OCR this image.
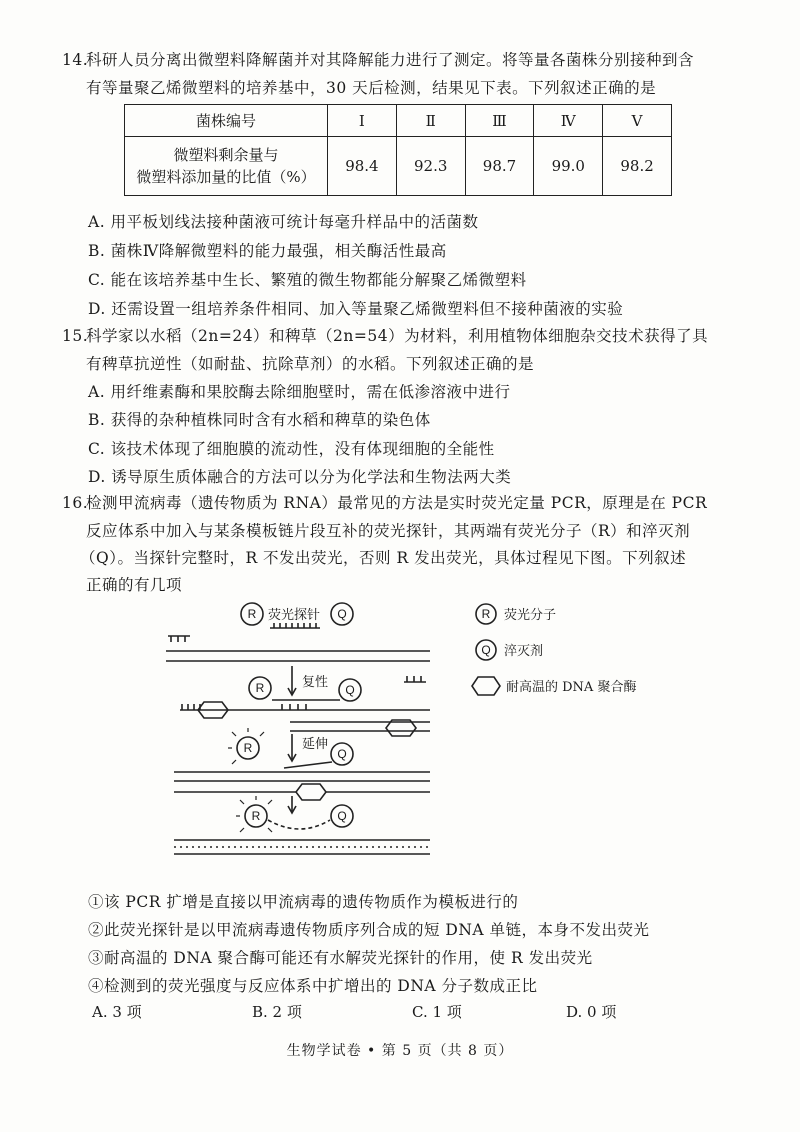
14.科研人员分离出微塑料降解菌并对其降解能力进行了测定。将等量各菌株分别接种到含
有等量聚乙烯微塑料的培养基中，30 天后检测，结果见下表。下列叙述正确的是
菌株编号	Ⅰ	Ⅱ	Ⅲ	Ⅳ	Ⅴ

微塑料剩余量与
微塑料添加量的比值（%）	98.4	92.3	98.7	99.0	98.2
A. 用平板划线法接种菌液可统计每毫升样品中的活菌数
B. 菌株Ⅳ降解微塑料的能力最强，相关酶活性最高
C. 能在该培养基中生长、繁殖的微生物都能分解聚乙烯微塑料
D. 还需设置一组培养条件相同、加入等量聚乙烯微塑料但不接种菌液的实验
15.科学家以水稻（2n=24）和稗草（2n=54）为材料，利用植物体细胞杂交技术获得了具
有稗草抗逆性（如耐盐、抗除草剂）的水稻。下列叙述正确的是
A. 用纤维素酶和果胶酶去除细胞壁时，需在低渗溶液中进行
B. 获得的杂种植株同时含有水稻和稗草的染色体
C. 该技术体现了细胞膜的流动性，没有体现细胞的全能性
D. 诱导原生质体融合的方法可以分为化学法和生物法两大类
16.检测甲流病毒（遗传物质为 RNA）最常见的方法是实时荧光定量 PCR，原理是在 PCR
反应体系中加入与某条模板链片段互补的荧光探针，其两端有荧光分子（R）和淬灭剂
（Q）。当探针完整时，R 不发出荧光，否则 R 发出荧光，具体过程见下图。下列叙述
正确的有几项
R	Q
R	Q
R	Q
R	Q
R
Q
荧光探针
复性
延伸
荧光分子
淬灭剂
耐高温的 DNA 聚合酶
①该 PCR 扩增是直接以甲流病毒的遗传物质作为模板进行的
②此荧光探针是以甲流病毒遗传物质序列合成的短 DNA 单链，本身不发出荧光
③耐高温的 DNA 聚合酶可能还有水解荧光探针的作用，使 R 发出荧光
④检测到的荧光强度与反应体系中扩增出的 DNA 分子数成正比
A. 3 项	B. 2 项	C. 1 项	D. 0 项
生物学试卷 • 第 5 页（共 8 页）
